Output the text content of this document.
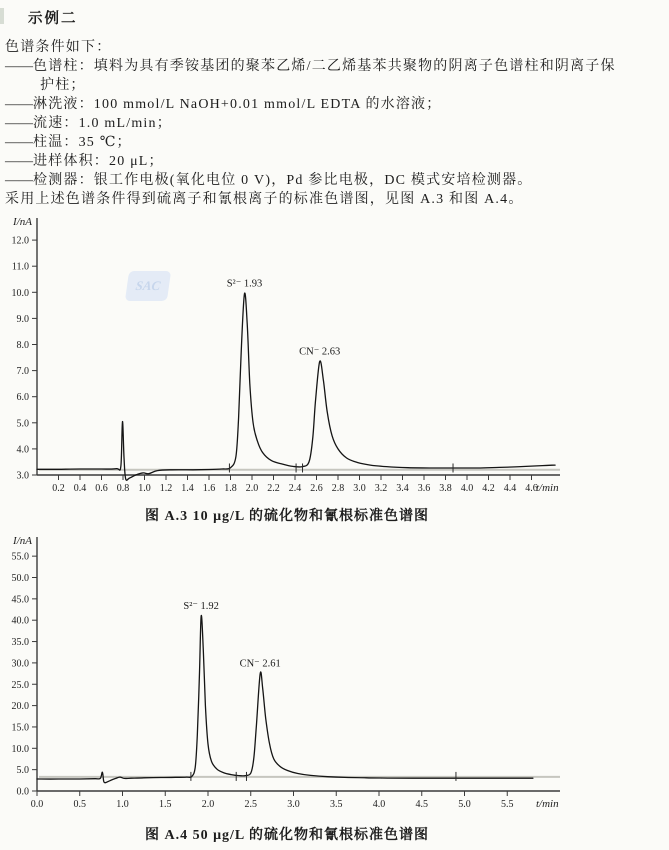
示例二
色谱条件如下：
——色谱柱：填料为具有季铵基团的聚苯乙烯/二乙烯基苯共聚物的阴离子色谱柱和阴离子保护柱；
——淋洗液：100 mmol/L NaOH+0.01 mmol/L EDTA 的水溶液；
——流速：1.0 mL/min；
——柱温：35 ℃；
——进样体积：20 μL；
——检测器：银工作电极(氧化电位 0 V)，Pd 参比电极，DC 模式安培检测器。
采用上述色谱条件得到硫离子和氰根离子的标准色谱图，见图 A.3 和图 A.4。
SAC
3.0
4.0
5.0
6.0
7.0
8.0
9.0
10.0
11.0
12.0
0.2 0.4 0.6 0.8 1.0 1.2 1.4 1.6 1.8 2.0 2.2 2.4 2.6 2.8 3.0 3.2 3.4 3.6 3.8 4.0 4.2 4.4 4.6
I/nA
t/min
S²⁻ 1.93
CN⁻ 2.63
图 A.3 10 μg/L 的硫化物和氰根标准色谱图
0.0
5.0
10.0
15.0
20.0
25.0
30.0
35.0
40.0
45.0
50.0
55.0
0.0	0.5	1.0	1.5	2.0	2.5	3.0	3.5	4.0	4.5	5.0	5.5
I/nA
t/min
S²⁻ 1.92
CN⁻ 2.61
图 A.4 50 μg/L 的硫化物和氰根标准色谱图
